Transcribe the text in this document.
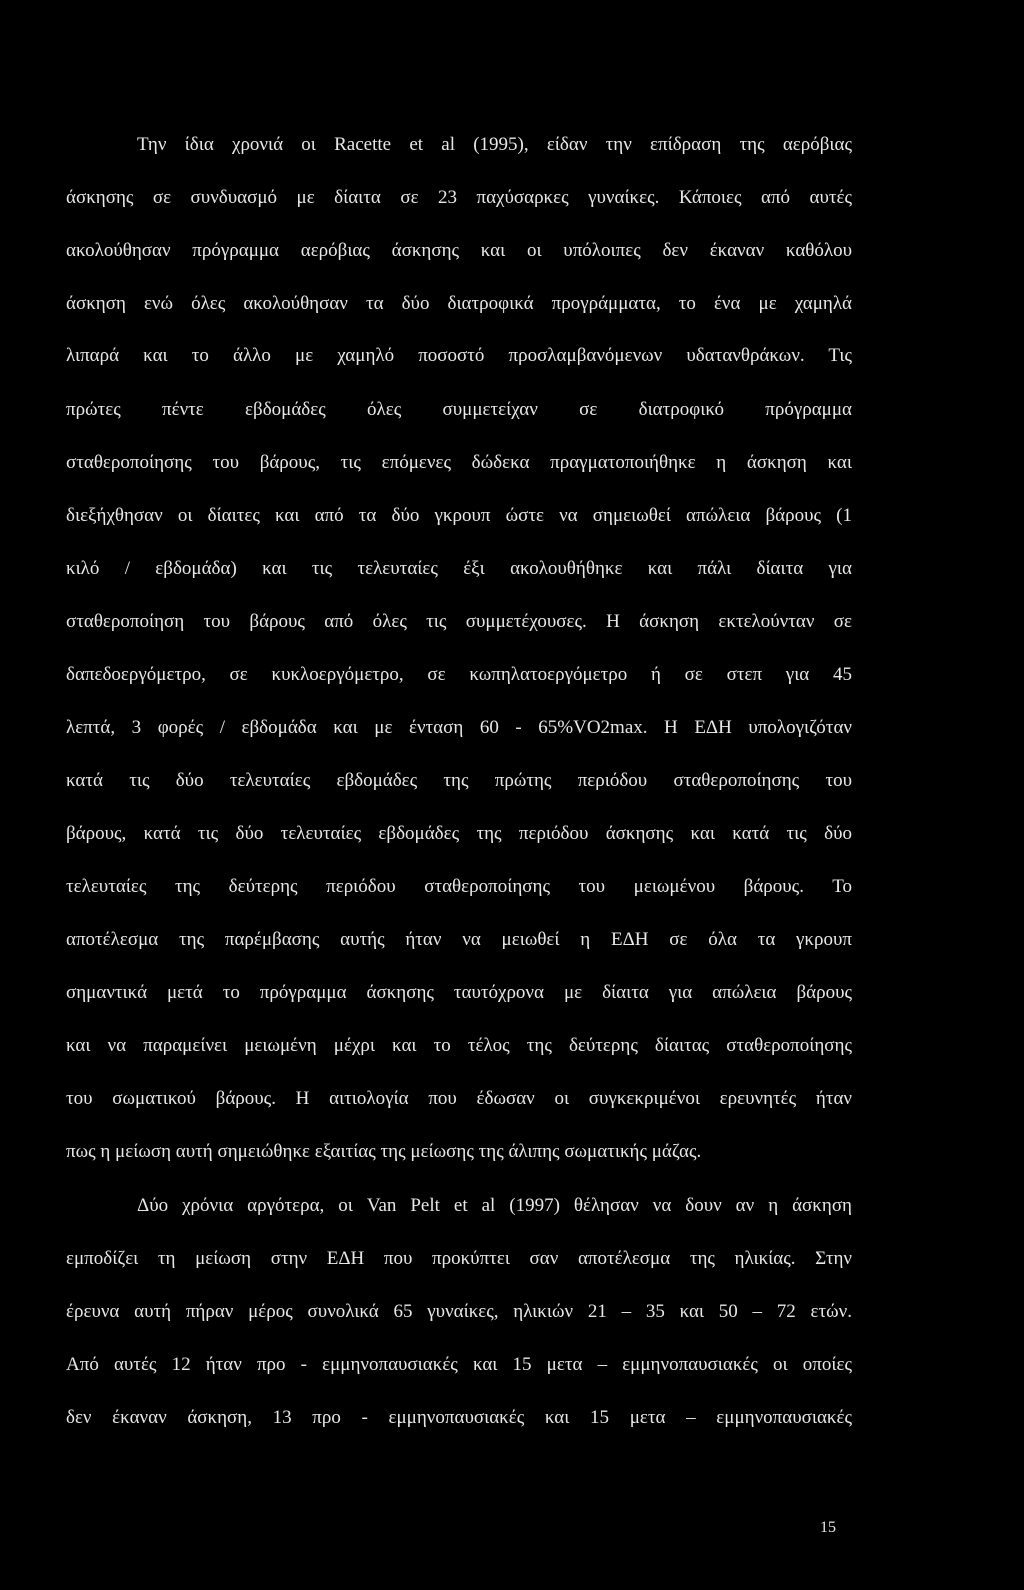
Την ίδια χρονιά οι Racette et al (1995), είδαν την επίδραση της αερόβιας
άσκησης σε συνδυασμό με δίαιτα σε 23 παχύσαρκες γυναίκες. Κάποιες από αυτές
ακολούθησαν πρόγραμμα αερόβιας άσκησης και οι υπόλοιπες δεν έκαναν καθόλου
άσκηση ενώ όλες ακολούθησαν τα δύο διατροφικά προγράμματα, το ένα με χαμηλά
λιπαρά και το άλλο με χαμηλό ποσοστό προσλαμβανόμενων υδατανθράκων. Τις
πρώτες πέντε εβδομάδες όλες συμμετείχαν σε διατροφικό πρόγραμμα
σταθεροποίησης του βάρους, τις επόμενες δώδεκα πραγματοποιήθηκε η άσκηση και
διεξήχθησαν οι δίαιτες και από τα δύο γκρουπ ώστε να σημειωθεί απώλεια βάρους (1
κιλό / εβδομάδα) και τις τελευταίες έξι ακολουθήθηκε και πάλι δίαιτα για
σταθεροποίηση του βάρους από όλες τις συμμετέχουσες. Η άσκηση εκτελούνταν σε
δαπεδοεργόμετρο, σε κυκλοεργόμετρο, σε κωπηλατοεργόμετρο ή σε στεπ για 45
λεπτά, 3 φορές / εβδομάδα και με ένταση 60 - 65%VO2max. Η ΕΔΗ υπολογιζόταν
κατά τις δύο τελευταίες εβδομάδες της πρώτης περιόδου σταθεροποίησης του
βάρους, κατά τις δύο τελευταίες εβδομάδες της περιόδου άσκησης και κατά τις δύο
τελευταίες της δεύτερης περιόδου σταθεροποίησης του μειωμένου βάρους. Το
αποτέλεσμα της παρέμβασης αυτής ήταν να μειωθεί η ΕΔΗ σε όλα τα γκρουπ
σημαντικά μετά το πρόγραμμα άσκησης ταυτόχρονα με δίαιτα για απώλεια βάρους
και να παραμείνει μειωμένη μέχρι και το τέλος της δεύτερης δίαιτας σταθεροποίησης
του σωματικού βάρους. Η αιτιολογία που έδωσαν οι συγκεκριμένοι ερευνητές ήταν
πως η μείωση αυτή σημειώθηκε εξαιτίας της μείωσης της άλιπης σωματικής μάζας.
Δύο χρόνια αργότερα, οι Van Pelt et al (1997) θέλησαν να δουν αν η άσκηση
εμποδίζει τη μείωση στην ΕΔΗ που προκύπτει σαν αποτέλεσμα της ηλικίας. Στην
έρευνα αυτή πήραν μέρος συνολικά 65 γυναίκες, ηλικιών 21 – 35 και 50 – 72 ετών.
Από αυτές 12 ήταν προ - εμμηνοπαυσιακές και 15 μετα – εμμηνοπαυσιακές οι οποίες
δεν έκαναν άσκηση, 13 προ - εμμηνοπαυσιακές και 15 μετα – εμμηνοπαυσιακές
15
